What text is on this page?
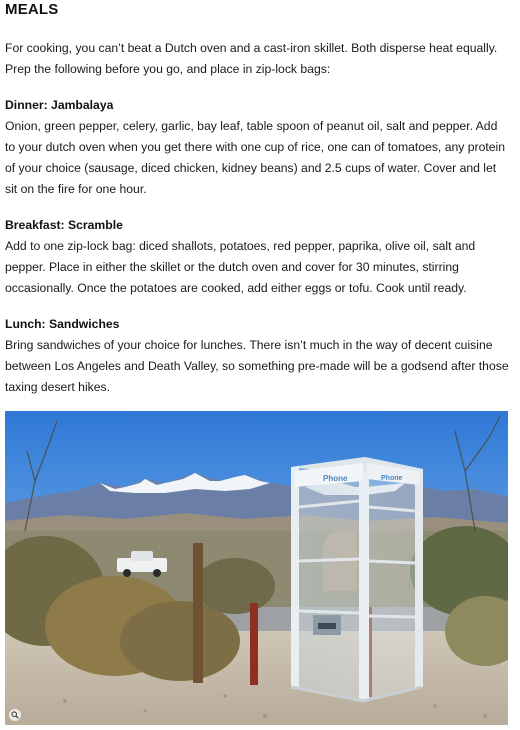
MEALS

For cooking, you can’t beat a Dutch oven and a cast-iron skillet. Both disperse heat equally. Prep the following before you go, and place in zip-lock bags:

Dinner: Jambalaya

Onion, green pepper, celery, garlic, bay leaf, table spoon of peanut oil, salt and pepper. Add to your dutch oven when you get there with one cup of rice, one can of tomatoes, any protein of your choice (sausage, diced chicken, kidney beans) and 2.5 cups of water. Cover and let sit on the fire for one hour.

Breakfast: Scramble

Add to one zip-lock bag: diced shallots, potatoes, red pepper, paprika, olive oil, salt and pepper. Place in either the skillet or the dutch oven and cover for 30 minutes, stirring occasionally. Once the potatoes are cooked, add either eggs or tofu. Cook until ready.

Lunch: Sandwiches

Bring sandwiches of your choice for lunches. There isn’t much in the way of decent cuisine between Los Angeles and Death Valley, so something pre-made will be a godsend after those taxing desert hikes.

Phone	Phone
